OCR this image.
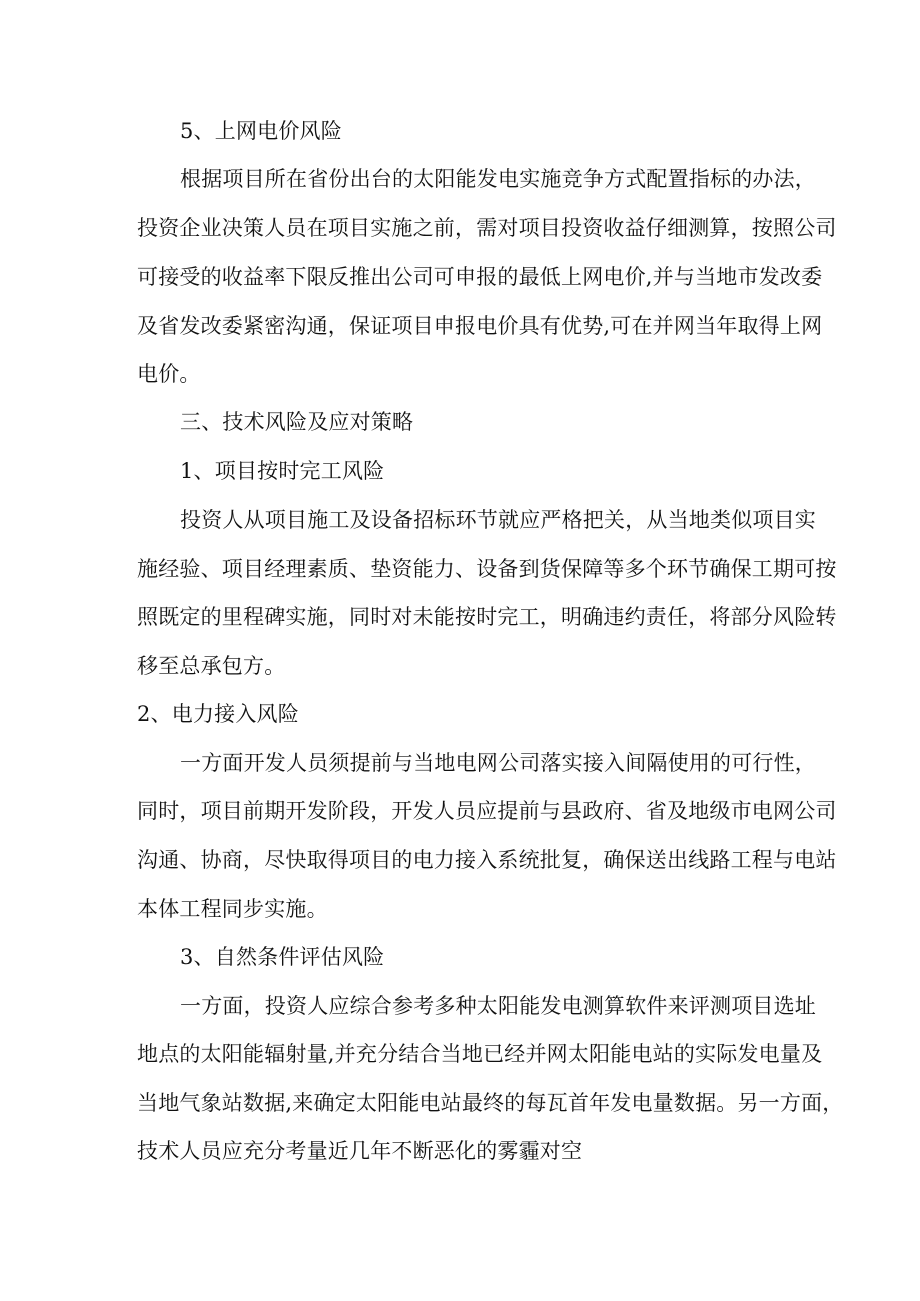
5、上网电价风险
根据项目所在省份出台的太阳能发电实施竞争方式配置指标的办法，
投资企业决策人员在项目实施之前，需对项目投资收益仔细测算，按照公司
可接受的收益率下限反推出公司可申报的最低上网电价,并与当地市发改委
及省发改委紧密沟通，保证项目申报电价具有优势,可在并网当年取得上网
电价。
三、技术风险及应对策略
1、项目按时完工风险
投资人从项目施工及设备招标环节就应严格把关，从当地类似项目实
施经验、项目经理素质、垫资能力、设备到货保障等多个环节确保工期可按
照既定的里程碑实施，同时对未能按时完工，明确违约责任，将部分风险转
移至总承包方。
2、电力接入风险
一方面开发人员须提前与当地电网公司落实接入间隔使用的可行性，
同时，项目前期开发阶段，开发人员应提前与县政府、省及地级市电网公司
沟通、协商，尽快取得项目的电力接入系统批复，确保送出线路工程与电站
本体工程同步实施。
3、自然条件评估风险
一方面，投资人应综合参考多种太阳能发电测算软件来评测项目选址
地点的太阳能辐射量,并充分结合当地已经并网太阳能电站的实际发电量及
当地气象站数据,来确定太阳能电站最终的每瓦首年发电量数据。另一方面，
技术人员应充分考量近几年不断恶化的雾霾对空
